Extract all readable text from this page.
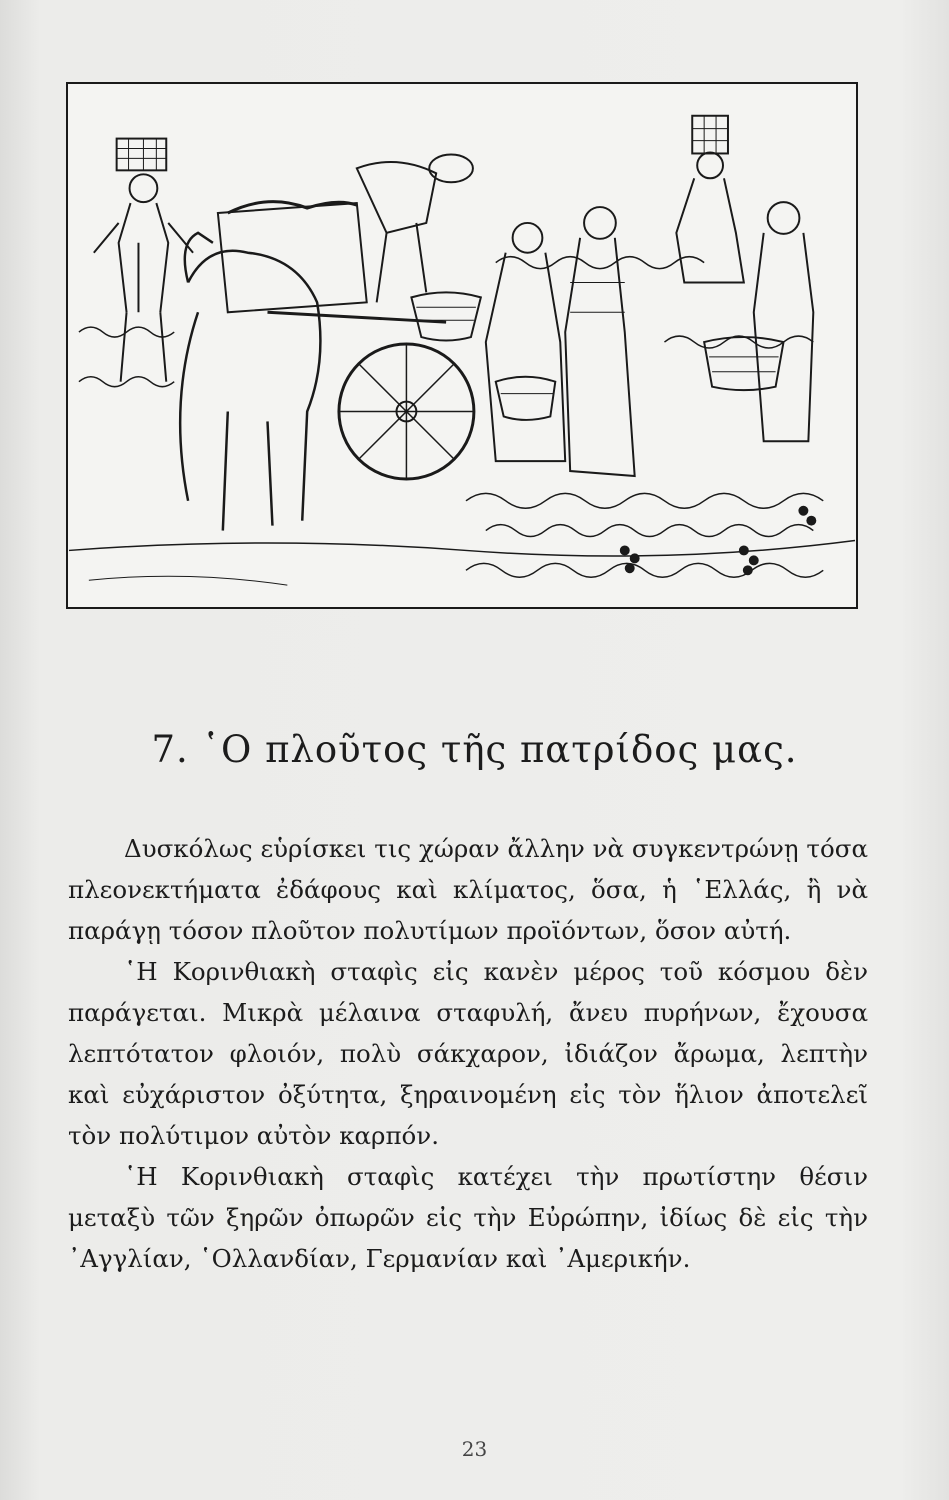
7. ῾Ο πλοῦτος τῆς πατρίδος μας.

Δυσκόλως εὑρίσκει τις χώραν ἄλλην νὰ συγκεντρώνῃ τόσα πλεονεκτήματα ἐδάφους καὶ κλίματος, ὅσα, ἡ ῾Ελλάς, ἢ νὰ παράγῃ τόσον πλοῦτον πολυτίμων προϊόντων, ὅσον αὐτή.

῾Η Κορινθιακὴ σταφὶς εἰς κανὲν μέρος τοῦ κόσμου δὲν παράγεται. Μικρὰ μέλαινα σταφυλή, ἄνευ πυρήνων, ἔχουσα λεπτότατον φλοιόν, πολὺ σάκχαρον, ἰδιάζον ἄρωμα, λεπτὴν καὶ εὐχάριστον ὀξύτητα, ξηραινομένη εἰς τὸν ἥλιον ἀποτελεῖ τὸν πολύτιμον αὐτὸν καρπόν.

῾Η Κορινθιακὴ σταφὶς κατέχει τὴν πρωτίστην θέσιν μεταξὺ τῶν ξηρῶν ὀπωρῶν εἰς τὴν Εὐρώπην, ἰδίως δὲ εἰς τὴν ᾿Αγγλίαν, ῾Ολλανδίαν, Γερμανίαν καὶ ᾿Αμερικήν.

23
